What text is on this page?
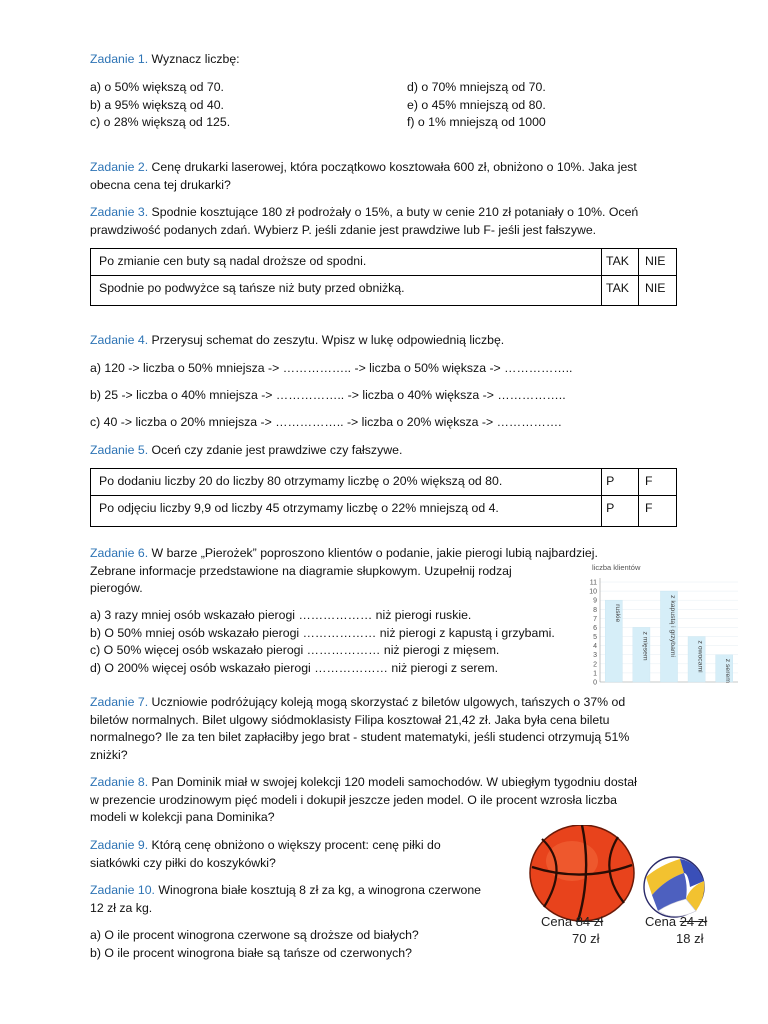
Zadanie 1. Wyznacz liczbę:
a) o 50% większą od 70.
b) a 95% większą od 40.
c) o 28% większą od 125.
d) o 70% mniejszą od 70.
e) o 45% mniejszą od 80.
f) o 1% mniejszą od 1000
Zadanie 2. Cenę drukarki laserowej, która początkowo kosztowała 600 zł, obniżono o 10%. Jaka jest
obecna cena tej drukarki?
Zadanie 3. Spodnie kosztujące 180 zł podrożały o 15%, a buty w cenie 210 zł potaniały o 10%. Oceń
prawdziwość podanych zdań. Wybierz P. jeśli zdanie jest prawdziwe lub F- jeśli jest fałszywe.
Po zmianie cen buty są nadal droższe od spodni.	TAK	NIE
Spodnie po podwyżce są tańsze niż buty przed obniżką.	TAK	NIE
Zadanie 4. Przerysuj schemat do zeszytu. Wpisz w lukę odpowiednią liczbę.
a) 120 -> liczba o 50% mniejsza -> …………….. -> liczba o 50% większa -> ……………..
b) 25 -> liczba o 40% mniejsza -> …………….. -> liczba o 40% większa -> ……………..
c) 40 -> liczba o 20% mniejsza -> …………….. -> liczba o 20% większa -> …………….
Zadanie 5. Oceń czy zdanie jest prawdziwe czy fałszywe.
Po dodaniu liczby 20 do liczby 80 otrzymamy liczbę o 20% większą od 80.	P	F
Po odjęciu liczby 9,9 od liczby 45 otrzymamy liczbę o 22% mniejszą od 4.	P	F
Zadanie 6. W barze „Pierożek” poproszono klientów o podanie, jakie pierogi lubią najbardziej.
Zebrane informacje przedstawione na diagramie słupkowym. Uzupełnij rodzaj
pierogów.
a) 3 razy mniej osób wskazało pierogi ……………… niż pierogi ruskie.
b) O 50% mniej osób wskazało pierogi ……………… niż pierogi z kapustą i grzybami.
c) O 50% więcej osób wskazało pierogi ……………… niż pierogi z mięsem.
d) O 200% więcej osób wskazało pierogi ……………… niż pierogi z serem.
liczba klientów
0
1
2
3
4
5
6
7
8
9
10
11
ruskie
z mięsem	z kapustą i grzybami	z owocami	z serem
Zadanie 7. Uczniowie podróżujący koleją mogą skorzystać z biletów ulgowych, tańszych o 37% od
biletów normalnych. Bilet ulgowy siódmoklasisty Filipa kosztował 21,42 zł. Jaka była cena biletu
normalnego? Ile za ten bilet zapłaciłby jego brat - student matematyki, jeśli studenci otrzymują 51%
zniżki?
Zadanie 8. Pan Dominik miał w swojej kolekcji 120 modeli samochodów. W ubiegłym tygodniu dostał
w prezencie urodzinowym pięć modeli i dokupił jeszcze jeden model. O ile procent wzrosła liczba
modeli w kolekcji pana Dominika?
Zadanie 9. Którą cenę obniżono o większy procent: cenę piłki do
siatkówki czy piłki do koszykówki?
Zadanie 10. Winogrona białe kosztują 8 zł za kg, a winogrona czerwone
12 zł za kg.
a) O ile procent winogrona czerwone są droższe od białych?
b) O ile procent winogrona białe są tańsze od czerwonych?
Cena 84 zł
70 zł
Cena 24 zł
18 zł
